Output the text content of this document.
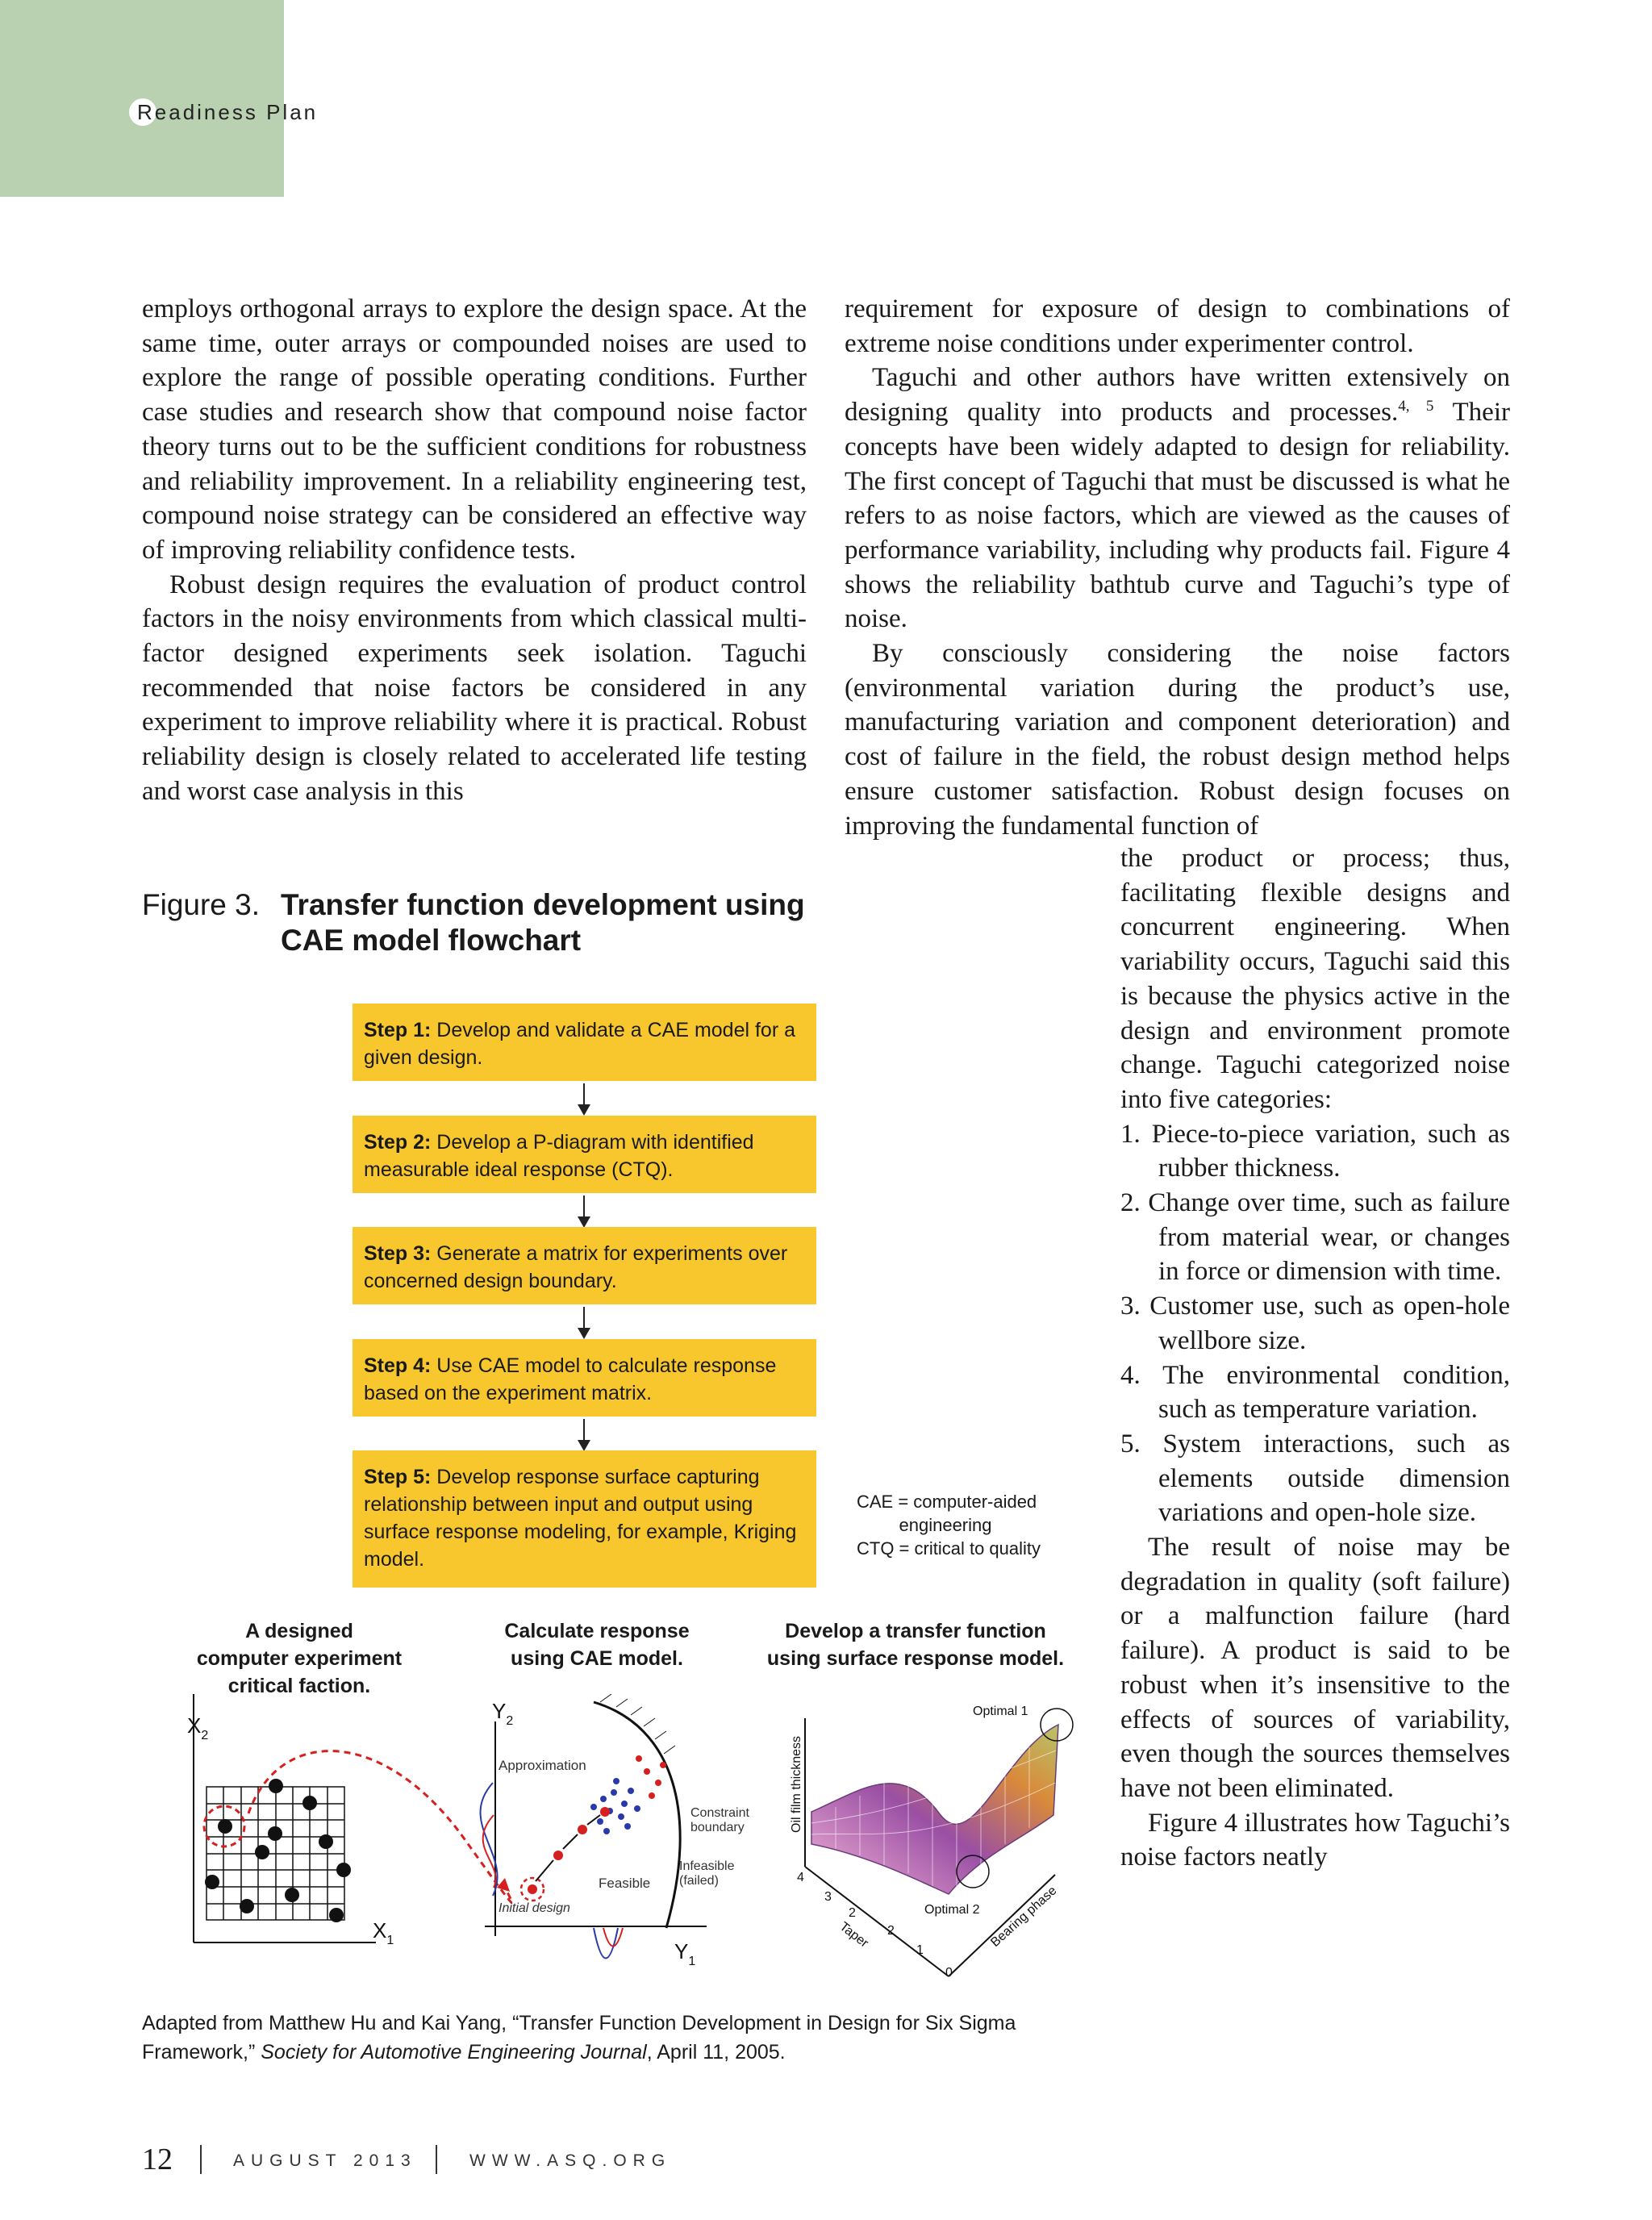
Readiness Plan

employs orthogonal arrays to explore the design space. At the same time, outer arrays or compounded noises are used to explore the range of possible operating conditions. Further case studies and research show that compound noise factor theory turns out to be the sufficient conditions for robustness and reliability improvement. In a reliability engineering test, compound noise strategy can be considered an effective way of improving reliability confidence tests.

Robust design requires the evaluation of product control factors in the noisy environments from which classical multi-factor designed experiments seek isolation. Taguchi recommended that noise factors be considered in any experiment to improve reliability where it is practical. Robust reliability design is closely related to accelerated life testing and worst case analysis in this

requirement for exposure of design to combinations of extreme noise conditions under experimenter control.

Taguchi and other authors have written extensively on designing quality into products and processes.$^{4, 5}$ Their concepts have been widely adapted to design for reliability. The first concept of Taguchi that must be discussed is what he refers to as noise factors, which are viewed as the causes of performance variability, including why products fail. Figure 4 shows the reliability bathtub curve and Taguchi’s type of noise.

By consciously considering the noise factors (environmental variation during the product’s use, manufacturing variation and component deterioration) and cost of failure in the field, the robust design method helps ensure customer satisfaction. Robust design focuses on improving the fundamental function of

the product or process; thus, facilitating flexible designs and concurrent engineering. When variability occurs, Taguchi said this is because the physics active in the design and environment promote change. Taguchi categorized noise into five categories:

1. Piece-to-piece variation, such as rubber thickness.

2. Change over time, such as failure from material wear, or changes in force or dimension with time.

3. Customer use, such as open-hole wellbore size.

4. The environmental condition, such as temperature variation.

5. System interactions, such as elements outside dimension variations and open-hole size.

The result of noise may be degradation in quality (soft failure) or a malfunction failure (hard failure). A product is said to be robust when it’s insensitive to the effects of sources of variability, even though the sources themselves have not been eliminated.

Figure 4 illustrates how Taguchi’s noise factors neatly

Figure 3. Transfer function development using
CAE model flowchart
Step 1: Develop and validate a CAE model for a given design.
Step 2: Develop a P-diagram with identified measurable ideal response (CTQ).
Step 3: Generate a matrix for experiments over concerned design boundary.
Step 4: Use CAE model to calculate response based on the experiment matrix.
Step 5: Develop response surface capturing relationship between input and output using surface response modeling, for example, Kriging model.
CAE = computer-aided
engineering
CTQ = critical to quality
A designed
computer experiment
critical faction.
Calculate response
using CAE model.
Develop a transfer function
using surface response model.
$X_2$
$X_1$
$Y_2$
$Y_1$
Approximation
Constraint
boundary
Infeasible
(failed)
Feasible
Initial design
Oil film thickness
Optimal 1
Optimal 2
Taper	Bearing phase
4
3
2
2
1
0
Adapted from Matthew Hu and Kai Yang, “Transfer Function Development in Design for Six Sigma Framework,” Society for Automotive Engineering Journal, April 11, 2005.
12	AUGUST 2013	WWW.ASQ.ORG
